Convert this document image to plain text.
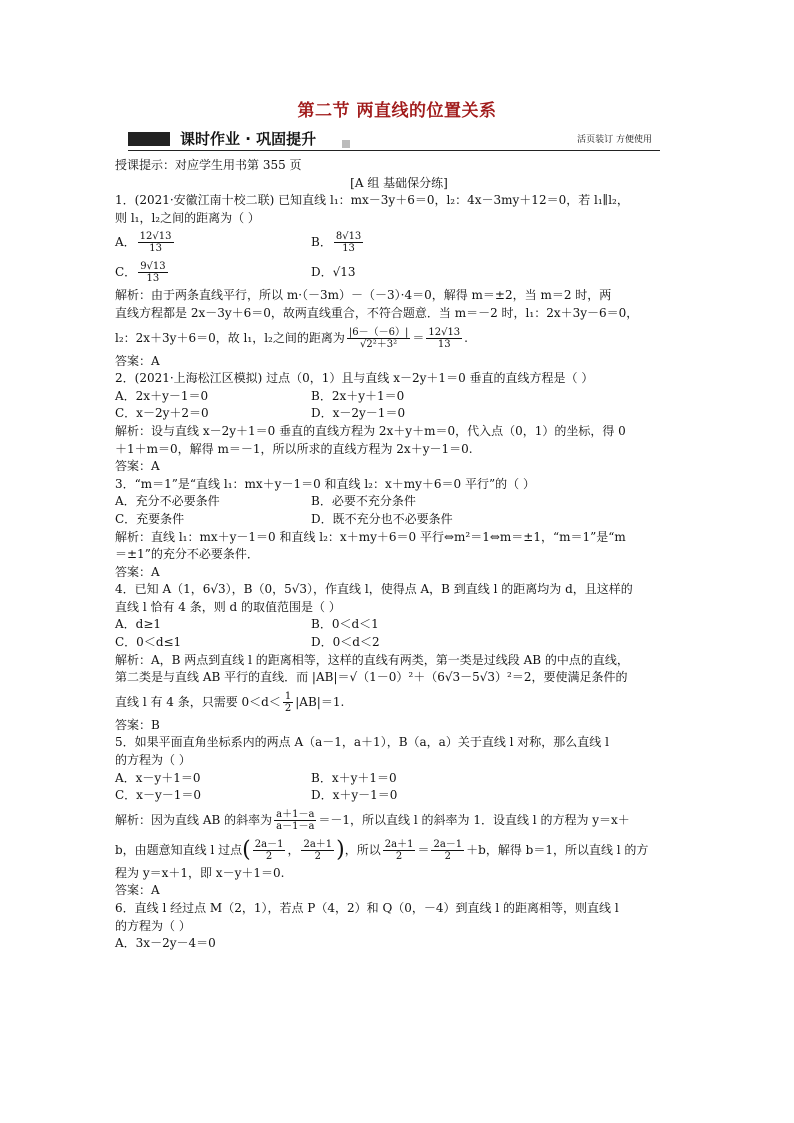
第二节 两直线的位置关系
课时作业 · 巩固提升	活页装订 方便使用
授课提示：对应学生用书第 355 页
[A 组 基础保分练]
1．(2021·安徽江南十校二联) 已知直线 l₁：mx－3y＋6＝0，l₂：4x－3my＋12＝0，若 l₁∥l₂，
则 l₁，l₂之间的距离为（ ）
A． $\frac{12√13}{13}$	B． $\frac{8√13}{13}$
C． $\frac{9√13}{13}$	D．√13
解析：由于两条直线平行，所以 m·（－3m）－（－3）·4＝0，解得 m＝±2，当 m＝2 时，两
直线方程都是 2x－3y＋6＝0，故两直线重合，不符合题意．当 m＝－2 时，l₁：2x＋3y－6＝0，
l₂：2x＋3y＋6＝0，故 l₁，l₂之间的距离为 $\frac{|6-(-6)|}{\text{√2²＋3²}} = \frac{12√13}{13}$ .
答案：A
2．(2021·上海松江区模拟) 过点（0，1）且与直线 x－2y＋1＝0 垂直的直线方程是（ ）
A．2x＋y－1＝0	B．2x＋y＋1＝0
C．x－2y＋2＝0	D．x－2y－1＝0
解析：设与直线 x－2y＋1＝0 垂直的直线方程为 2x＋y＋m＝0，代入点（0，1）的坐标，得 0
＋1＋m＝0，解得 m＝－1，所以所求的直线方程为 2x＋y－1＝0.
答案：A
3．“m＝1”是“直线 l₁：mx＋y－1＝0 和直线 l₂：x＋my＋6＝0 平行”的（ ）
A．充分不必要条件	B．必要不充分条件
C．充要条件	D．既不充分也不必要条件
解析：直线 l₁：mx＋y－1＝0 和直线 l₂：x＋my＋6＝0 平行⇔m²＝1⇔m＝±1，“m＝1”是“m
＝±1”的充分不必要条件．
答案：A
4．已知 A（1，6√3），B（0，5√3），作直线 l，使得点 A，B 到直线 l 的距离均为 d，且这样的
直线 l 恰有 4 条，则 d 的取值范围是（ ）
A．d≥1	B．0＜d＜1
C．0＜d≤1	D．0＜d＜2
解析：A，B 两点到直线 l 的距离相等，这样的直线有两类，第一类是过线段 AB 的中点的直线，
第二类是与直线 AB 平行的直线．而 |AB|＝√（1－0）²＋（6√3－5√3）²＝2，要使满足条件的
直线 l 有 4 条，只需要 $0<d< \frac{1}{2} |AB|=1$.
答案：B
5．如果平面直角坐标系内的两点 A（a－1，a＋1），B（a，a）关于直线 l 对称，那么直线 l
的方程为（ ）
A．x－y＋1＝0	B．x＋y＋1＝0
C．x－y－1＝0	D．x＋y－1＝0
解析：因为直线 AB 的斜率为 $\frac{a+1-a}{a-1-a} =-1$，所以直线 l 的斜率为 1．设直线 l 的方程为 y＝x＋
b，由题意知直线 l 过点( $\frac{2a-1}{2}$ ， $\frac{2a+1}{2}$ )，所以 $\frac{2a+1}{2} = \frac{2a-1}{2} +b$，解得 b＝1，所以直线 l 的方
程为 y＝x＋1，即 x－y＋1＝0.
答案：A
6．直线 l 经过点 M（2，1），若点 P（4，2）和 Q（0，－4）到直线 l 的距离相等，则直线 l
的方程为（ ）
A．3x－2y－4＝0
